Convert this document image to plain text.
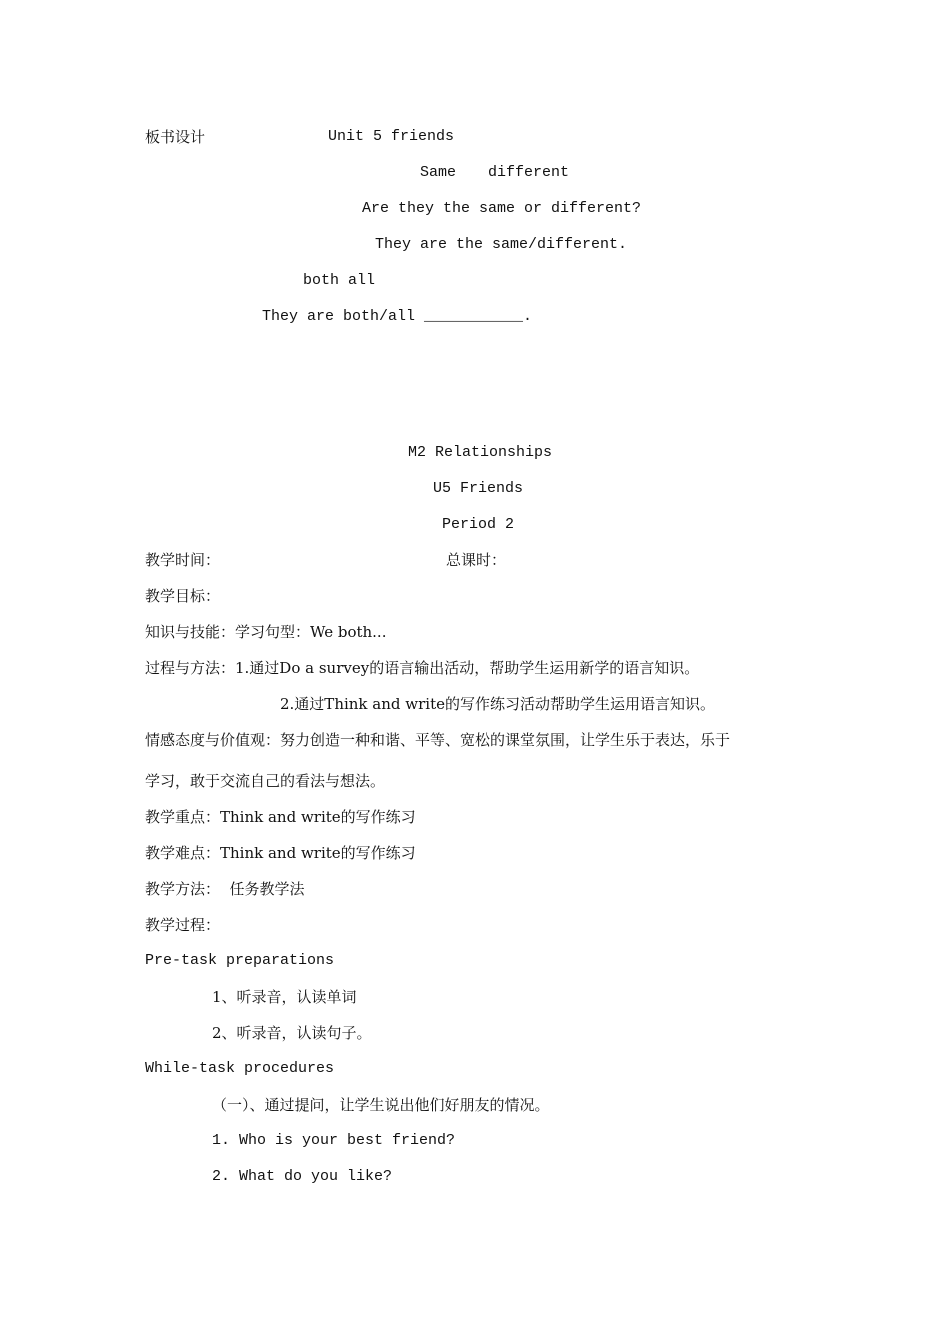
板书设计	Unit 5 friends
Same different
Are they the same or different?
They are the same/different.
both all
They are both/all ___________.
M2 Relationships
U5 Friends
Period 2
教学时间：	总课时：
教学目标：
知识与技能：学习句型：We both...
过程与方法：1.通过Do a survey的语言输出活动，帮助学生运用新学的语言知识。
2.通过Think and write的写作练习活动帮助学生运用语言知识。
情感态度与价值观：努力创造一种和谐、平等、宽松的课堂氛围，让学生乐于表达，乐于
学习，敢于交流自己的看法与想法。
教学重点：Think and write的写作练习
教学难点：Think and write的写作练习
教学方法：  任务教学法
教学过程：
Pre-task preparations
1、听录音，认读单词
2、听录音，认读句子。
While-task procedures
（一）、通过提问，让学生说出他们好朋友的情况。
1. Who is your best friend?
2. What do you like?
